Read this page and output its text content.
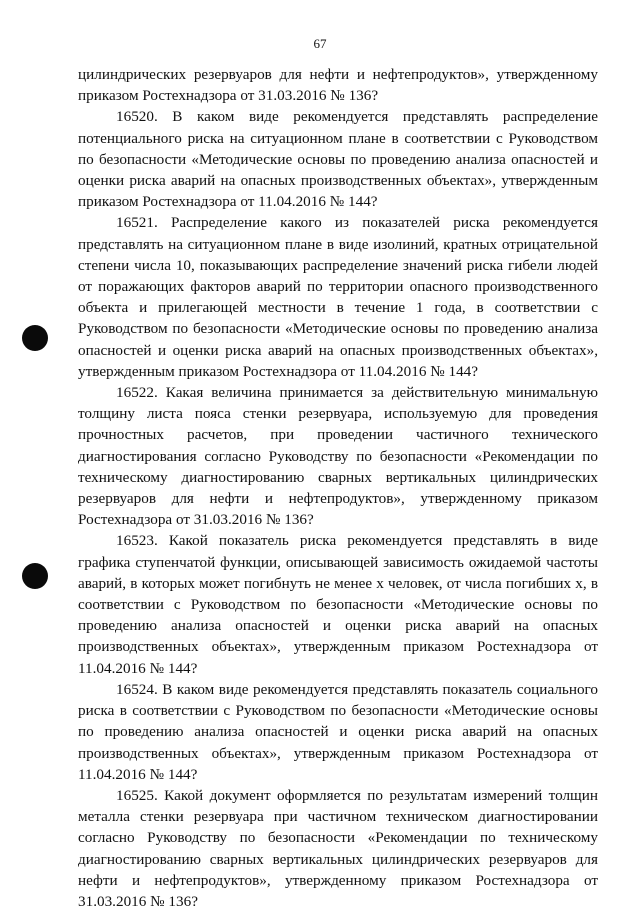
67

цилиндрических резервуаров для нефти и нефтепродуктов», утвержденному приказом Ростехнадзора от 31.03.2016 № 136?

16520. В каком виде рекомендуется представлять распределение потенциального риска на ситуационном плане в соответствии с Руководством по безопасности «Методические основы по проведению анализа опасностей и оценки риска аварий на опасных производственных объектах», утвержденным приказом Ростехнадзора от 11.04.2016 № 144?

16521. Распределение какого из показателей риска рекомендуется представлять на ситуационном плане в виде изолиний, кратных отрицательной степени числа 10, показывающих распределение значений риска гибели людей от поражающих факторов аварий по территории опасного производственного объекта и прилегающей местности в течение 1 года, в соответствии с Руководством по безопасности «Методические основы по проведению анализа опасностей и оценки риска аварий на опасных производственных объектах», утвержденным приказом Ростехнадзора от 11.04.2016 № 144?

16522. Какая величина принимается за действительную минимальную толщину листа пояса стенки резервуара, используемую для проведения прочностных расчетов, при проведении частичного технического диагностирования согласно Руководству по безопасности «Рекомендации по техническому диагностированию сварных вертикальных цилиндрических резервуаров для нефти и нефтепродуктов», утвержденному приказом Ростехнадзора от 31.03.2016 № 136?

16523. Какой показатель риска рекомендуется представлять в виде графика ступенчатой функции, описывающей зависимость ожидаемой частоты аварий, в которых может погибнуть не менее x человек, от числа погибших x, в соответствии с Руководством по безопасности «Методические основы по проведению анализа опасностей и оценки риска аварий на опасных производственных объектах», утвержденным приказом Ростехнадзора от 11.04.2016 № 144?

16524. В каком виде рекомендуется представлять показатель социального риска в соответствии с Руководством по безопасности «Методические основы по проведению анализа опасностей и оценки риска аварий на опасных производственных объектах», утвержденным приказом Ростехнадзора от 11.04.2016 № 144?

16525. Какой документ оформляется по результатам измерений толщин металла стенки резервуара при частичном техническом диагностировании согласно Руководству по безопасности «Рекомендации по техническому диагностированию сварных вертикальных цилиндрических резервуаров для нефти и нефтепродуктов», утвержденному приказом Ростехнадзора от 31.03.2016 № 136?
